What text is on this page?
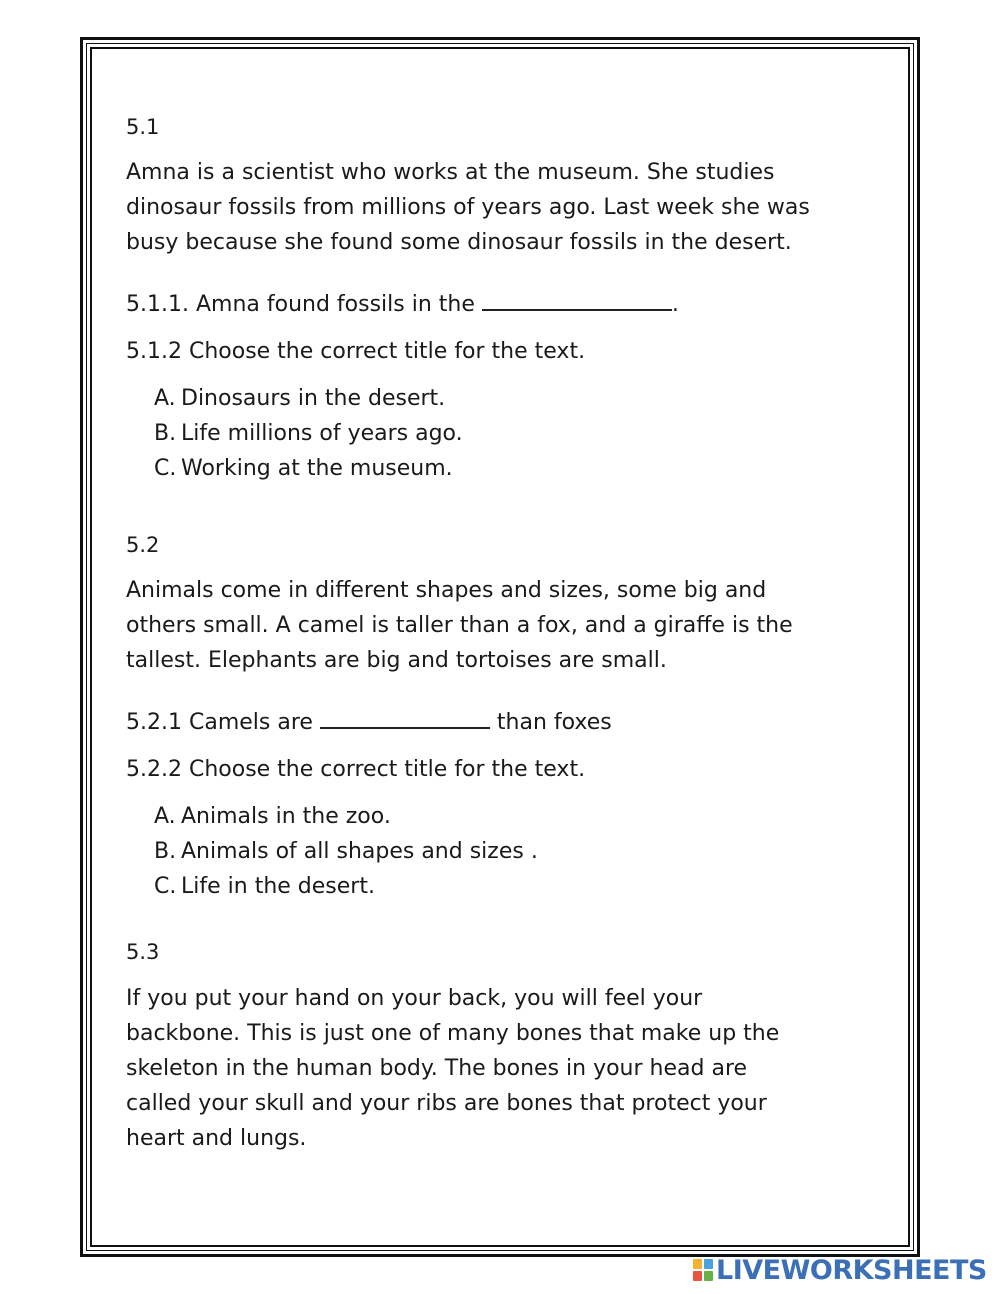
5.1
Amna is a scientist who works at the museum. She studies
dinosaur fossils from millions of years ago. Last week she was
busy because she found some dinosaur fossils in the desert.
5.1.1. Amna found fossils in the	.
5.1.2 Choose the correct title for the text.
A. Dinosaurs in the desert.
B. Life millions of years ago.
C. Working at the museum.
5.2
Animals come in different shapes and sizes, some big and
others small. A camel is taller than a fox, and a giraffe is the
tallest. Elephants are big and tortoises are small.
5.2.1 Camels are	than foxes
5.2.2 Choose the correct title for the text.
A. Animals in the zoo.
B. Animals of all shapes and sizes .
C. Life in the desert.
5.3
If you put your hand on your back, you will feel your
backbone. This is just one of many bones that make up the
skeleton in the human body. The bones in your head are
called your skull and your ribs are bones that protect your
heart and lungs.
LIVEWORKSHEETS
